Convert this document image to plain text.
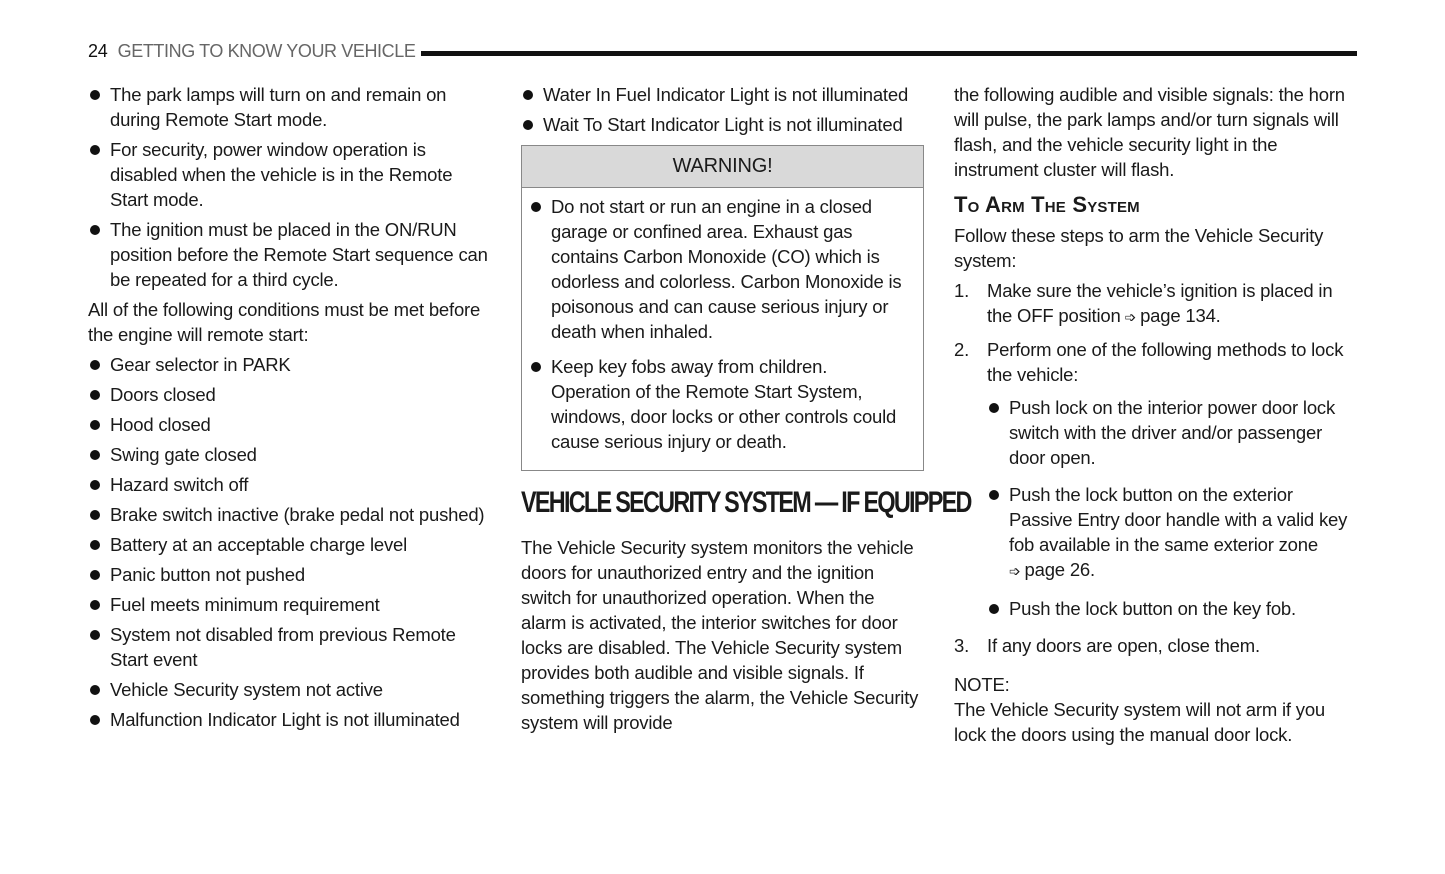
24 GETTING TO KNOW YOUR VEHICLE
The park lamps will turn on and remain on during Remote Start mode.
For security, power window operation is disabled when the vehicle is in the Remote Start mode.
The ignition must be placed in the ON/RUN position before the Remote Start sequence can be repeated for a third cycle.

All of the following conditions must be met before the engine will remote start:

Gear selector in PARK
Doors closed
Hood closed
Swing gate closed
Hazard switch off
Brake switch inactive (brake pedal not pushed)
Battery at an acceptable charge level
Panic button not pushed
Fuel meets minimum requirement
System not disabled from previous Remote Start event
Vehicle Security system not active
Malfunction Indicator Light is not illuminated
Water In Fuel Indicator Light is not illuminated
Wait To Start Indicator Light is not illuminated
WARNING!
Do not start or run an engine in a closed garage or confined area. Exhaust gas contains Carbon Monoxide (CO) which is odorless and colorless. Carbon Monoxide is poisonous and can cause serious injury or death when inhaled.
Keep key fobs away from children. Operation of the Remote Start System, windows, door locks or other controls could cause serious injury or death.
VEHICLE SECURITY SYSTEM — IF EQUIPPED

The Vehicle Security system monitors the vehicle doors for unauthorized entry and the ignition switch for unauthorized operation. When the alarm is activated, the interior switches for door locks are disabled. The Vehicle Security system provides both audible and visible signals. If something triggers the alarm, the Vehicle Security system will provide

the following audible and visible signals: the horn will pulse, the park lamps and/or turn signals will flash, and the vehicle security light in the instrument cluster will flash.

To Arm The System

Follow these steps to arm the Vehicle Security system:

1. Make sure the vehicle’s ignition is placed in the OFF position ➩ page 134.
2. Perform one of the following methods to lock the vehicle:
Push lock on the interior power door lock switch with the driver and/or passenger door open.
Push the lock button on the exterior Passive Entry door handle with a valid key fob available in the same exterior zone
➩ page 26.
Push the lock button on the key fob.
3. If any doors are open, close them.
NOTE:

The Vehicle Security system will not arm if you lock the doors using the manual door lock.
